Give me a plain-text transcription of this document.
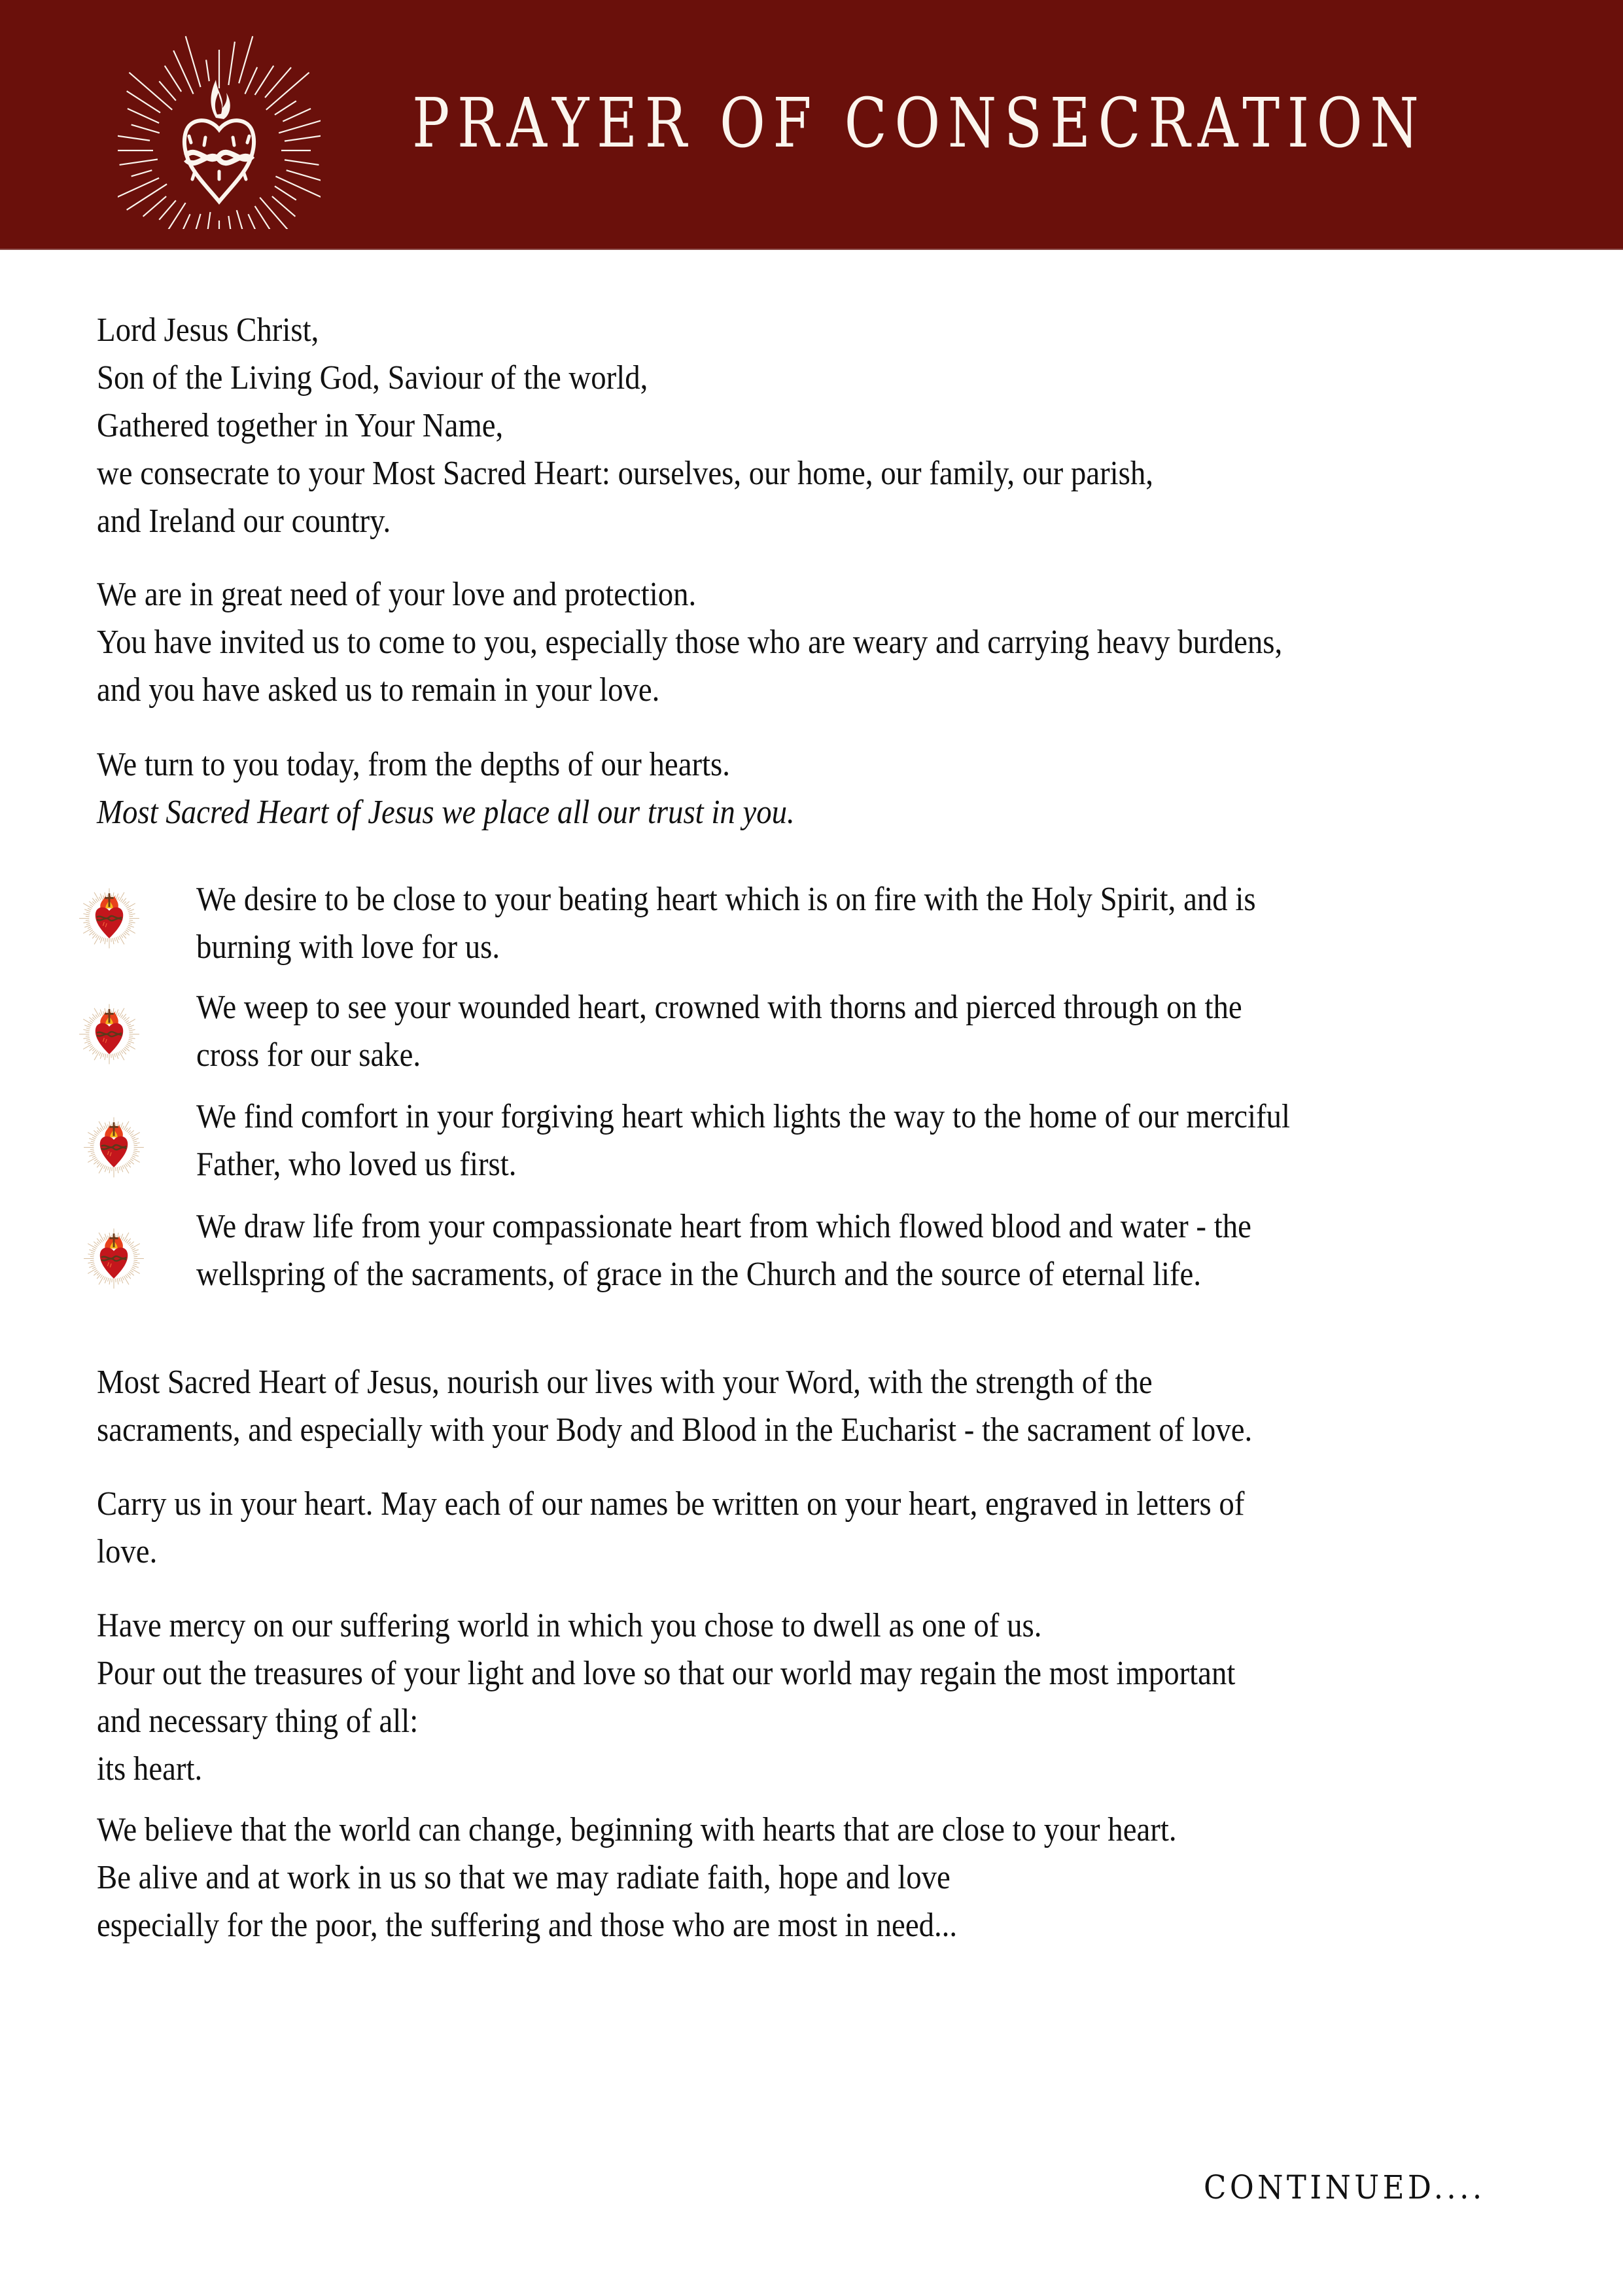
PRAYER OF CONSECRATION
Lord Jesus Christ,
Son of the Living God, Saviour of the world,
Gathered together in Your Name,
we consecrate to your Most Sacred Heart: ourselves, our home, our family, our parish,
and Ireland our country.
We are in great need of your love and protection.
You have invited us to come to you, especially those who are weary and carrying heavy burdens,
and you have asked us to remain in your love.
We turn to you today, from the depths of our hearts.
Most Sacred Heart of Jesus we place all our trust in you.
We desire to be close to your beating heart which is on fire with the Holy Spirit, and is
burning with love for us.
We weep to see your wounded heart, crowned with thorns and pierced through on the
cross for our sake.
We find comfort in your forgiving heart which lights the way to the home of our merciful
Father, who loved us first.
We draw life from your compassionate heart from which flowed blood and water - the
wellspring of the sacraments, of grace in the Church and the source of eternal life.
Most Sacred Heart of Jesus, nourish our lives with your Word, with the strength of the
sacraments, and especially with your Body and Blood in the Eucharist - the sacrament of love.
Carry us in your heart. May each of our names be written on your heart, engraved in letters of
love.
Have mercy on our suffering world in which you chose to dwell as one of us.
Pour out the treasures of your light and love so that our world may regain the most important
and necessary thing of all:
its heart.
We believe that the world can change, beginning with hearts that are close to your heart.
Be alive and at work in us so that we may radiate faith, hope and love
especially for the poor, the suffering and those who are most in need...

CONTINUED....
